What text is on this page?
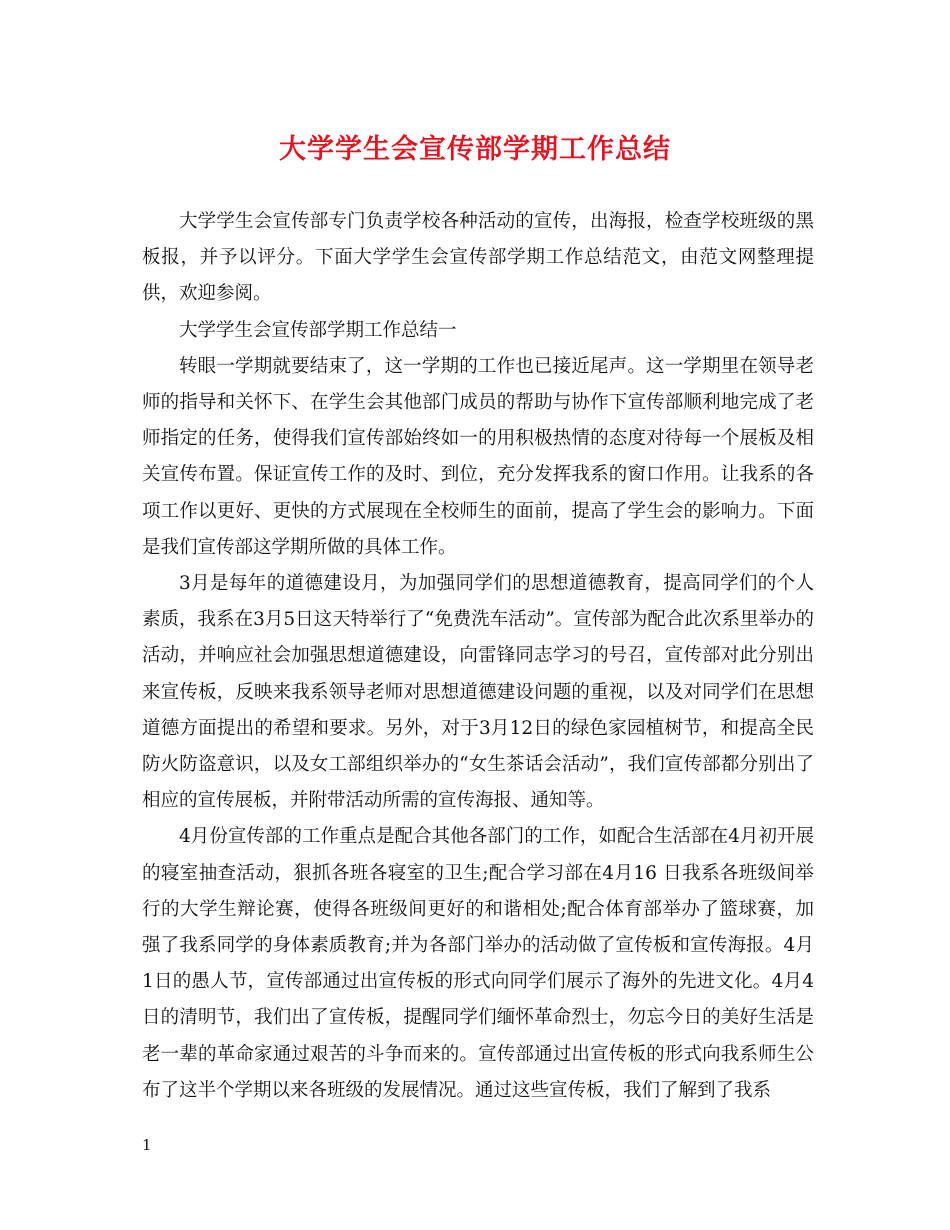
大学学生会宣传部学期工作总结

大学学生会宣传部专门负责学校各种活动的宣传，出海报，检查学校班级的黑板报，并予以评分。下面大学学生会宣传部学期工作总结范文，由范文网整理提供，欢迎参阅。

大学学生会宣传部学期工作总结一

转眼一学期就要结束了，这一学期的工作也已接近尾声。这一学期里在领导老师的指导和关怀下、在学生会其他部门成员的帮助与协作下宣传部顺利地完成了老师指定的任务，使得我们宣传部始终如一的用积极热情的态度对待每一个展板及相关宣传布置。保证宣传工作的及时、到位，充分发挥我系的窗口作用。让我系的各项工作以更好、更快的方式展现在全校师生的面前，提高了学生会的影响力。下面是我们宣传部这学期所做的具体工作。

3月是每年的道德建设月，为加强同学们的思想道德教育，提高同学们的个人素质，我系在3月5日这天特举行了“免费洗车活动”。宣传部为配合此次系里举办的活动，并响应社会加强思想道德建设，向雷锋同志学习的号召，宣传部对此分别出来宣传板，反映来我系领导老师对思想道德建设问题的重视，以及对同学们在思想道德方面提出的希望和要求。另外，对于3月12日的绿色家园植树节，和提高全民防火防盗意识，以及女工部组织举办的“女生茶话会活动”，我们宣传部都分别出了相应的宣传展板，并附带活动所需的宣传海报、通知等。

4月份宣传部的工作重点是配合其他各部门的工作，如配合生活部在4月初开展的寝室抽查活动，狠抓各班各寝室的卫生;配合学习部在4月16 日我系各班级间举行的大学生辩论赛，使得各班级间更好的和谐相处;配合体育部举办了篮球赛，加强了我系同学的身体素质教育;并为各部门举办的活动做了宣传板和宣传海报。4月1日的愚人节，宣传部通过出宣传板的形式向同学们展示了海外的先进文化。4月4日的清明节，我们出了宣传板，提醒同学们缅怀革命烈士，勿忘今日的美好生活是老一辈的革命家通过艰苦的斗争而来的。宣传部通过出宣传板的形式向我系师生公布了这半个学期以来各班级的发展情况。通过这些宣传板，我们了解到了我系

1
